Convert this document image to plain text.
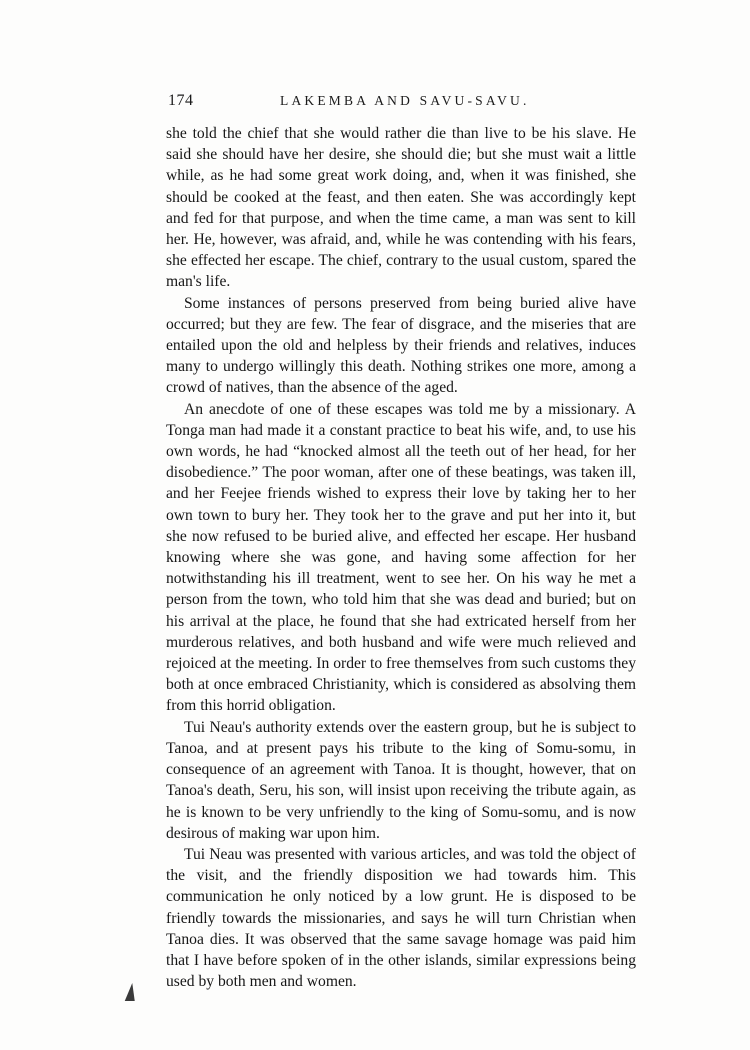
174	LAKEMBA AND SAVU-SAVU.

she told the chief that she would rather die than live to be his slave. He said she should have her desire, she should die; but she must wait a little while, as he had some great work doing, and, when it was finished, she should be cooked at the feast, and then eaten. She was accordingly kept and fed for that purpose, and when the time came, a man was sent to kill her. He, however, was afraid, and, while he was contending with his fears, she effected her escape. The chief, contrary to the usual custom, spared the man's life.

Some instances of persons preserved from being buried alive have occurred; but they are few. The fear of disgrace, and the miseries that are entailed upon the old and helpless by their friends and relatives, induces many to undergo willingly this death. Nothing strikes one more, among a crowd of natives, than the absence of the aged.

An anecdote of one of these escapes was told me by a missionary. A Tonga man had made it a constant practice to beat his wife, and, to use his own words, he had “knocked almost all the teeth out of her head, for her disobedience.” The poor woman, after one of these beatings, was taken ill, and her Feejee friends wished to express their love by taking her to her own town to bury her. They took her to the grave and put her into it, but she now refused to be buried alive, and effected her escape. Her husband knowing where she was gone, and having some affection for her notwithstanding his ill treatment, went to see her. On his way he met a person from the town, who told him that she was dead and buried; but on his arrival at the place, he found that she had extricated herself from her murderous relatives, and both husband and wife were much relieved and rejoiced at the meeting. In order to free themselves from such customs they both at once embraced Christianity, which is considered as absolving them from this horrid obligation.

Tui Neau's authority extends over the eastern group, but he is subject to Tanoa, and at present pays his tribute to the king of Somu-somu, in consequence of an agreement with Tanoa. It is thought, however, that on Tanoa's death, Seru, his son, will insist upon receiving the tribute again, as he is known to be very unfriendly to the king of Somu-somu, and is now desirous of making war upon him.

Tui Neau was presented with various articles, and was told the object of the visit, and the friendly disposition we had towards him. This communication he only noticed by a low grunt. He is disposed to be friendly towards the missionaries, and says he will turn Christian when Tanoa dies. It was observed that the same savage homage was paid him that I have before spoken of in the other islands, similar expressions being used by both men and women.
